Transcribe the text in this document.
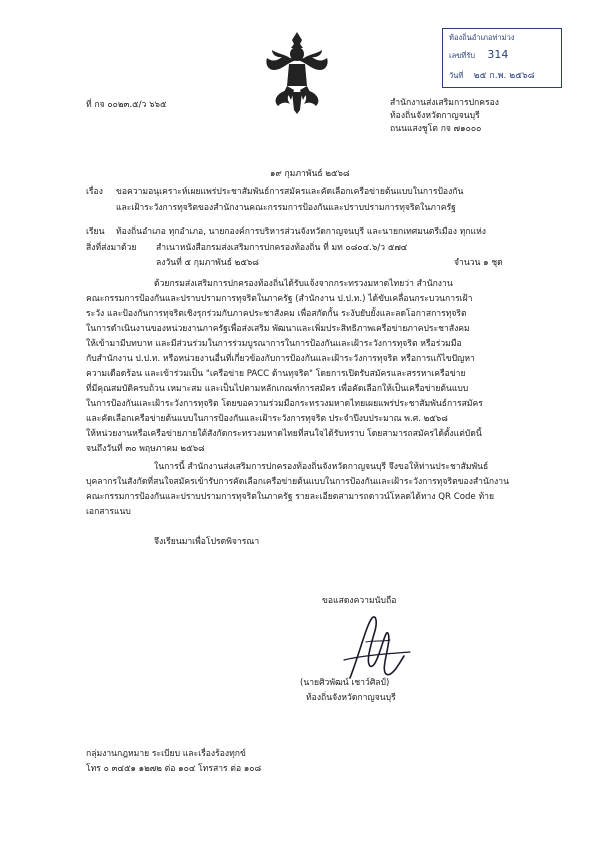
ท้องถิ่นอำเภอท่าม่วง
เลขที่รับ 314
วันที่ ๒๕ ก.พ. ๒๕๖๘
ที่ กจ ๐๐๒๓.๕/ว ๖๖๕	สำนักงานส่งเสริมการปกครอง
ท้องถิ่นจังหวัดกาญจนบุรี
ถนนแสงชูโต กจ ๗๑๐๐๐
๑๙ กุมภาพันธ์ ๒๕๖๘
เรื่อง ขอความอนุเคราะห์เผยแพร่ประชาสัมพันธ์การสมัครและคัดเลือกเครือข่ายต้นแบบในการป้องกัน
และเฝ้าระวังการทุจริตของสำนักงานคณะกรรมการป้องกันและปราบปรามการทุจริตในภาครัฐ
เรียน ท้องถิ่นอำเภอ ทุกอำเภอ, นายกองค์การบริหารส่วนจังหวัดกาญจนบุรี และนายกเทศมนตรีเมือง ทุกแห่ง
สิ่งที่ส่งมาด้วย สำเนาหนังสือกรมส่งเสริมการปกครองท้องถิ่น ที่ มท ๐๘๐๔.๖/ว ๕๗๔
ลงวันที่ ๕ กุมภาพันธ์ ๒๕๖๘	จำนวน ๑ ชุด
ด้วยกรมส่งเสริมการปกครองท้องถิ่นได้รับแจ้งจากกระทรวงมหาดไทยว่า สำนักงาน
คณะกรรมการป้องกันและปราบปรามการทุจริตในภาครัฐ (สำนักงาน ป.ป.ท.) ได้ขับเคลื่อนกระบวนการเฝ้า
ระวัง และป้องกันการทุจริตเชิงรุกร่วมกับภาคประชาสังคม เพื่อสกัดกั้น ระงับยับยั้งและลดโอกาสการทุจริต
ในการดำเนินงานของหน่วยงานภาครัฐเพื่อส่งเสริม พัฒนาและเพิ่มประสิทธิภาพเครือข่ายภาคประชาสังคม
ให้เข้ามามีบทบาท และมีส่วนร่วมในการร่วมบูรณาการในการป้องกันและเฝ้าระวังการทุจริต หรือร่วมมือ
กับสำนักงาน ป.ป.ท. หรือหน่วยงานอื่นที่เกี่ยวข้องกับการป้องกันและเฝ้าระวังการทุจริต หรือการแก้ไขปัญหา
ความเดือดร้อน และเข้าร่วมเป็น "เครือข่าย PACC ต้านทุจริต" โดยการเปิดรับสมัครและสรรหาเครือข่าย
ที่มีคุณสมบัติครบถ้วน เหมาะสม และเป็นไปตามหลักเกณฑ์การสมัคร เพื่อคัดเลือกให้เป็นเครือข่ายต้นแบบ
ในการป้องกันและเฝ้าระวังการทุจริต โดยขอความร่วมมือกระทรวงมหาดไทยเผยแพร่ประชาสัมพันธ์การสมัคร
และคัดเลือกเครือข่ายต้นแบบในการป้องกันและเฝ้าระวังการทุจริต ประจำปีงบประมาณ พ.ศ. ๒๕๖๘
ให้หน่วยงานหรือเครือข่ายภายใต้สังกัดกระทรวงมหาดไทยที่สนใจได้รับทราบ โดยสามารถสมัครได้ตั้งแต่บัดนี้
จนถึงวันที่ ๓๐ พฤษภาคม ๒๕๖๘
ในการนี้ สำนักงานส่งเสริมการปกครองท้องถิ่นจังหวัดกาญจนบุรี จึงขอให้ท่านประชาสัมพันธ์
บุคลากรในสังกัดที่สนใจสมัครเข้ารับการคัดเลือกเครือข่ายต้นแบบในการป้องกันและเฝ้าระวังการทุจริตของสำนักงาน
คณะกรรมการป้องกันและปราบปรามการทุจริตในภาครัฐ รายละเอียดสามารถดาวน์โหลดได้ทาง QR Code ท้าย
เอกสารแนบ
จึงเรียนมาเพื่อโปรดพิจารณา
ขอแสดงความนับถือ
(นายศิวพัฒน์ เชาว์ศิลป์)
ท้องถิ่นจังหวัดกาญจนบุรี
กลุ่มงานกฎหมาย ระเบียบ และเรื่องร้องทุกข์
โทร ๐ ๓๔๕๑ ๑๒๗๒ ต่อ ๑๐๔ โทรสาร ต่อ ๑๐๘
